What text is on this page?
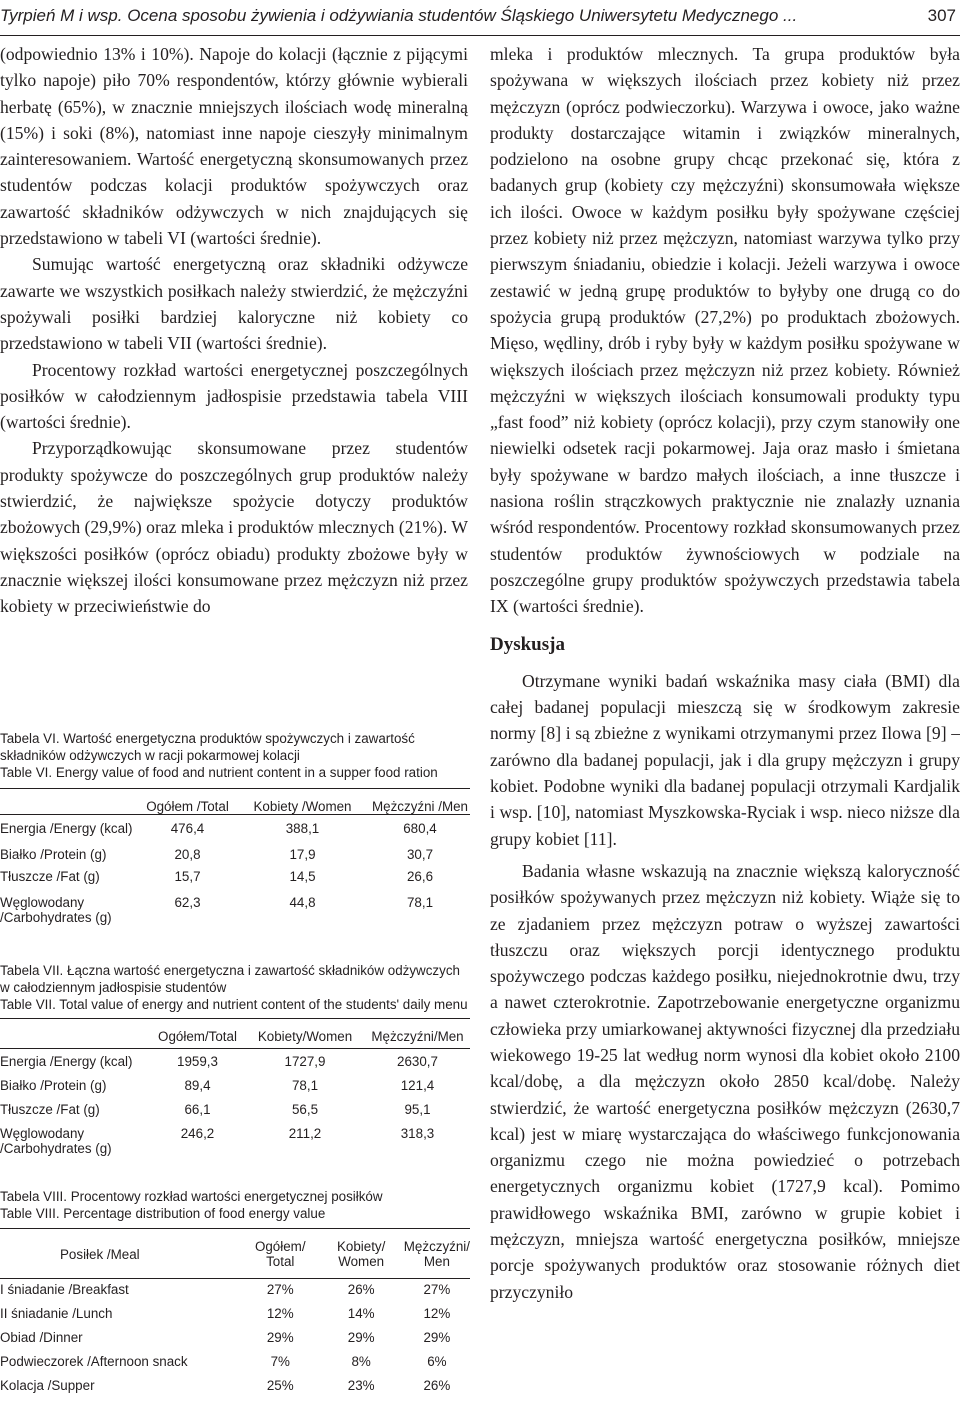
Tyrpień M i wsp. Ocena sposobu żywienia i odżywiania studentów Śląskiego Uniwersytetu Medycznego ...	307

(odpowiednio 13% i 10%). Napoje do kolacji (łącznie z pijącymi tylko napoje) piło 70% respondentów, którzy głównie wybierali herbatę (65%), w znacznie mniejszych ilościach wodę mineralną (15%) i soki (8%), natomiast inne napoje cieszyły minimalnym zainteresowaniem. Wartość energetyczną skonsumowanych przez studentów podczas kolacji produktów spożywczych oraz zawartość składników odżywczych w nich znajdujących się przedstawiono w tabeli VI (wartości średnie).

Sumując wartość energetyczną oraz składniki odżywcze zawarte we wszystkich posiłkach należy stwierdzić, że mężczyźni spożywali posiłki bardziej kaloryczne niż kobiety co przedstawiono w tabeli VII (wartości średnie).

Procentowy rozkład wartości energetycznej poszczególnych posiłków w całodziennym jadłospisie przedstawia tabela VIII (wartości średnie).

Przyporządkowując skonsumowane przez studentów produkty spożywcze do poszczególnych grup produktów należy stwierdzić, że największe spożycie dotyczy produktów zbożowych (29,9%) oraz mleka i produktów mlecznych (21%). W większości posiłków (oprócz obiadu) produkty zbożowe były w znacznie większej ilości konsumowane przez mężczyzn niż przez kobiety w przeciwieństwie do

Tabela VI. Wartość energetyczna produktów spożywczych i zawartość składników odżywczych w racji pokarmowej kolacji
Table VI. Energy value of food and nutrient content in a supper food ration
	Ogółem /Total	Kobiety /Women	Mężczyźni /Men
Energia /Energy (kcal)	476,4	388,1	680,4
Białko /Protein (g)	20,8	17,9	30,7
Tłuszcze /Fat (g)	15,7	14,5	26,6
Węglowodany /Carbohydrates (g)	62,3	44,8	78,1
Tabela VII. Łączna wartość energetyczna i zawartość składników odżywczych w całodziennym jadłospisie studentów
Table VII. Total value of energy and nutrient content of the students' daily menu
	Ogółem/Total	Kobiety/Women	Mężczyźni/Men
Energia /Energy (kcal)	1959,3	1727,9	2630,7
Białko /Protein (g)	89,4	78,1	121,4
Tłuszcze /Fat (g)	66,1	56,5	95,1
Węglowodany /Carbohydrates (g)	246,2	211,2	318,3
Tabela VIII. Procentowy rozkład wartości energetycznej posiłków
Table VIII. Percentage distribution of food energy value
Posiłek /Meal	Ogółem/ Total	Kobiety/ Women	Mężczyźni/ Men
I śniadanie /Breakfast	27%	26%	27%
II śniadanie /Lunch	12%	14%	12%
Obiad /Dinner	29%	29%	29%
Podwieczorek /Afternoon snack	7%	8%	6%
Kolacja /Supper	25%	23%	26%

mleka i produktów mlecznych. Ta grupa produktów była spożywana w większych ilościach przez kobiety niż przez mężczyzn (oprócz podwieczorku). Warzywa i owoce, jako ważne produkty dostarczające witamin i związków mineralnych, podzielono na osobne grupy chcąc przekonać się, która z badanych grup (kobiety czy mężczyźni) skonsumowała większe ich ilości. Owoce w każdym posiłku były spożywane częściej przez kobiety niż przez mężczyzn, natomiast warzywa tylko przy pierwszym śniadaniu, obiedzie i kolacji. Jeżeli warzywa i owoce zestawić w jedną grupę produktów to byłyby one drugą co do spożycia grupą produktów (27,2%) po produktach zbożowych. Mięso, wędliny, drób i ryby były w każdym posiłku spożywane w większych ilościach przez mężczyzn niż przez kobiety. Również mężczyźni w większych ilościach konsumowali produkty typu „fast food” niż kobiety (oprócz kolacji), przy czym stanowiły one niewielki odsetek racji pokarmowej. Jaja oraz masło i śmietana były spożywane w bardzo małych ilościach, a inne tłuszcze i nasiona roślin strączkowych praktycznie nie znalazły uznania wśród respondentów. Procentowy rozkład skonsumowanych przez studentów produktów żywnościowych w podziale na poszczególne grupy produktów spożywczych przedstawia tabela IX (wartości średnie).

Dyskusja

Otrzymane wyniki badań wskaźnika masy ciała (BMI) dla całej badanej populacji mieszczą się w środkowym zakresie normy [8] i są zbieżne z wynikami otrzymanymi przez Ilowa [9] – zarówno dla badanej populacji, jak i dla grupy mężczyzn i grupy kobiet. Podobne wyniki dla badanej populacji otrzymali Kardjalik i wsp. [10], natomiast Myszkowska-Ryciak i wsp. nieco niższe dla grupy kobiet [11].

Badania własne wskazują na znacznie większą kaloryczność posiłków spożywanych przez mężczyzn niż kobiety. Wiąże się to ze zjadaniem przez mężczyzn potraw o wyższej zawartości tłuszczu oraz większych porcji identycznego produktu spożywczego podczas każdego posiłku, niejednokrotnie dwu, trzy a nawet czterokrotnie. Zapotrzebowanie energetyczne organizmu człowieka przy umiarkowanej aktywności fizycznej dla przedziału wiekowego 19-25 lat według norm wynosi dla kobiet około 2100 kcal/dobę, a dla mężczyzn około 2850 kcal/dobę. Należy stwierdzić, że wartość energetyczna posiłków mężczyzn (2630,7 kcal) jest w miarę wystarczająca do właściwego funkcjonowania organizmu czego nie można powiedzieć o potrzebach energetycznych organizmu kobiet (1727,9 kcal). Pomimo prawidłowego wskaźnika BMI, zarówno w grupie kobiet i mężczyzn, mniejsza wartość energetyczna posiłków, mniejsze porcje spożywanych produktów oraz stosowanie różnych diet przyczyniło
